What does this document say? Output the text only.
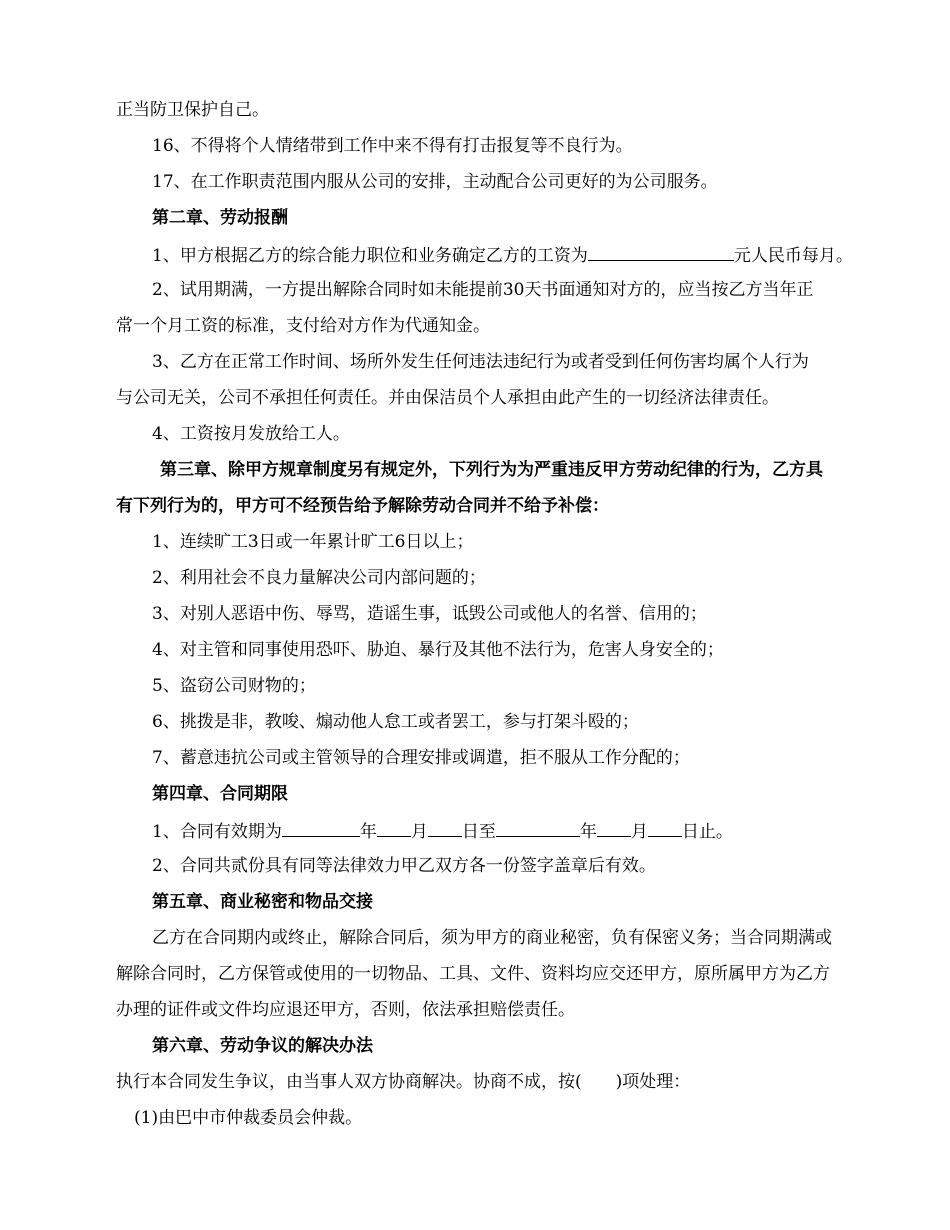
正当防卫保护自己。
16、不得将个人情绪带到工作中来不得有打击报复等不良行为。
17、在工作职责范围内服从公司的安排，主动配合公司更好的为公司服务。
第二章、劳动报酬
1、甲方根据乙方的综合能力职位和业务确定乙方的工资为	元人民币每月。
2、试用期满，一方提出解除合同时如未能提前30天书面通知对方的，应当按乙方当年正
常一个月工资的标准，支付给对方作为代通知金。
3、乙方在正常工作时间、场所外发生任何违法违纪行为或者受到任何伤害均属个人行为
与公司无关，公司不承担任何责任。并由保洁员个人承担由此产生的一切经济法律责任。
4、工资按月发放给工人。
第三章、除甲方规章制度另有规定外，下列行为为严重违反甲方劳动纪律的行为，乙方具
有下列行为的，甲方可不经预告给予解除劳动合同并不给予补偿：
1、连续旷工3日或一年累计旷工6日以上；
2、利用社会不良力量解决公司内部问题的；
3、对别人恶语中伤、辱骂，造谣生事，诋毁公司或他人的名誉、信用的；
4、对主管和同事使用恐吓、胁迫、暴行及其他不法行为，危害人身安全的；
5、盗窃公司财物的；
6、挑拨是非，教唆、煽动他人怠工或者罢工，参与打架斗殴的；
7、蓄意违抗公司或主管领导的合理安排或调遣，拒不服从工作分配的；
第四章、合同期限
1、合同有效期为	年 月 日至	年 月 日止。
2、合同共贰份具有同等法律效力甲乙双方各一份签字盖章后有效。
第五章、商业秘密和物品交接
乙方在合同期内或终止，解除合同后，须为甲方的商业秘密，负有保密义务；当合同期满或
解除合同时，乙方保管或使用的一切物品、工具、文件、资料均应交还甲方，原所属甲方为乙方
办理的证件或文件均应退还甲方，否则，依法承担赔偿责任。
第六章、劳动争议的解决办法
执行本合同发生争议，由当事人双方协商解决。协商不成，按( )项处理：
(1)由巴中市仲裁委员会仲裁。
